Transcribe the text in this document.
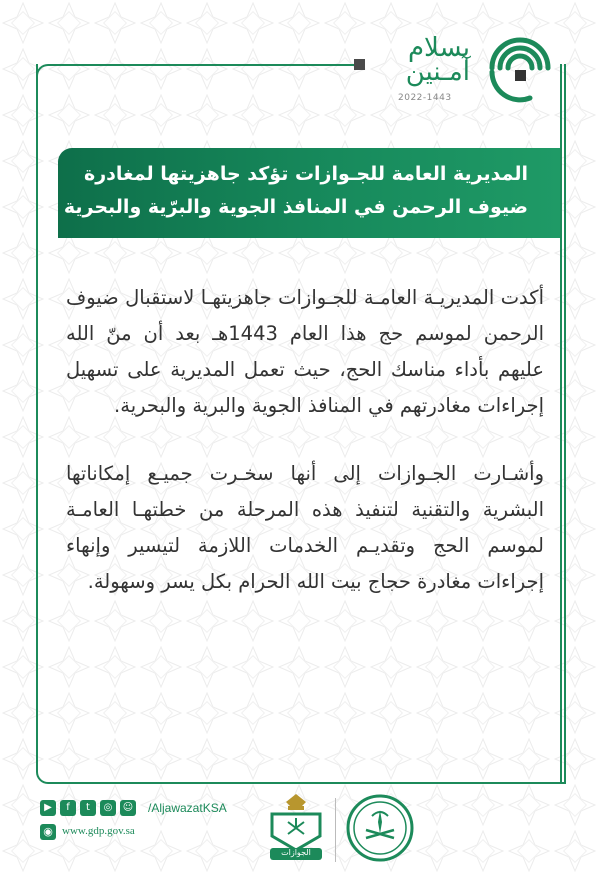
بسلام
آمـنين
2022-1443
المديرية العامة للجـوازات تؤكد جاهزيتها لمغادرة
ضيوف الرحمن في المنافذ الجوية والبرّية والبحرية

أكدت المديريـة العامـة للجـوازات جاهزيتهـا لاستقبال ضيوف الرحمن لموسم حج هذا العام 1443هـ بعد أن منّ الله عليهم بأداء مناسك الحج، حيث تعمل المديرية على تسهيل إجراءات مغادرتهم في المنافذ الجوية والبرية والبحرية.

وأشـارت الجـوازات إلى أنها سخـرت جميـع إمكاناتها البشرية والتقنية لتنفيذ هذه المرحلة من خطتهـا العامـة لموسم الحج وتقديـم الخدمات اللازمة لتيسير وإنهاء إجراءات مغادرة حجاج بيت الله الحرام بكل يسر وسهولة.

▶	f	t	◎	☺ /AljawazatKSA
◉ www.gdp.gov.sa
الجوازات
